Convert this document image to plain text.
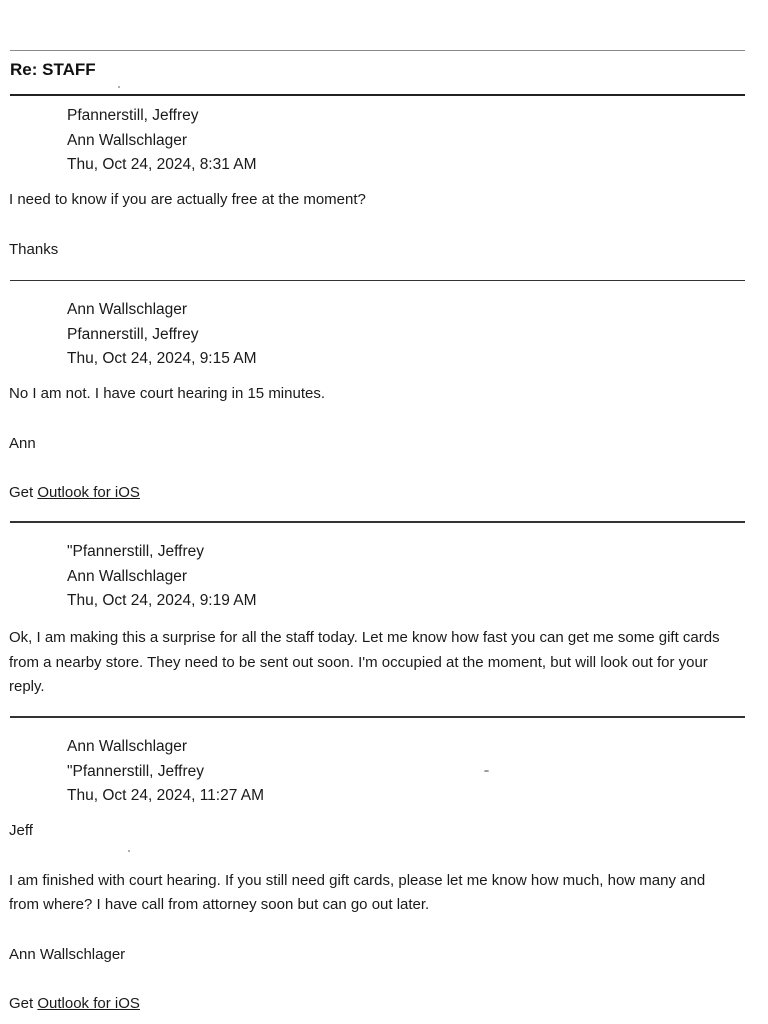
Re: STAFF
Pfannerstill, Jeffrey
Ann Wallschlager
Thu, Oct 24, 2024, 8:31 AM

I need to know if you are actually free at the moment?

Thanks

Ann Wallschlager
Pfannerstill, Jeffrey
Thu, Oct 24, 2024, 9:15 AM

No I am not. I have court hearing in 15 minutes.

Ann

Get Outlook for iOS

"Pfannerstill, Jeffrey
Ann Wallschlager
Thu, Oct 24, 2024, 9:19 AM

Ok, I am making this a surprise for all the staff today. Let me know how fast you can get me some gift cards from a nearby store. They need to be sent out soon. I'm occupied at the moment, but will look out for your reply.

Ann Wallschlager
"Pfannerstill, Jeffrey
Thu, Oct 24, 2024, 11:27 AM

Jeff

I am finished with court hearing. If you still need gift cards, please let me know how much, how many and from where? I have call from attorney soon but can go out later.

Ann Wallschlager

Get Outlook for iOS
